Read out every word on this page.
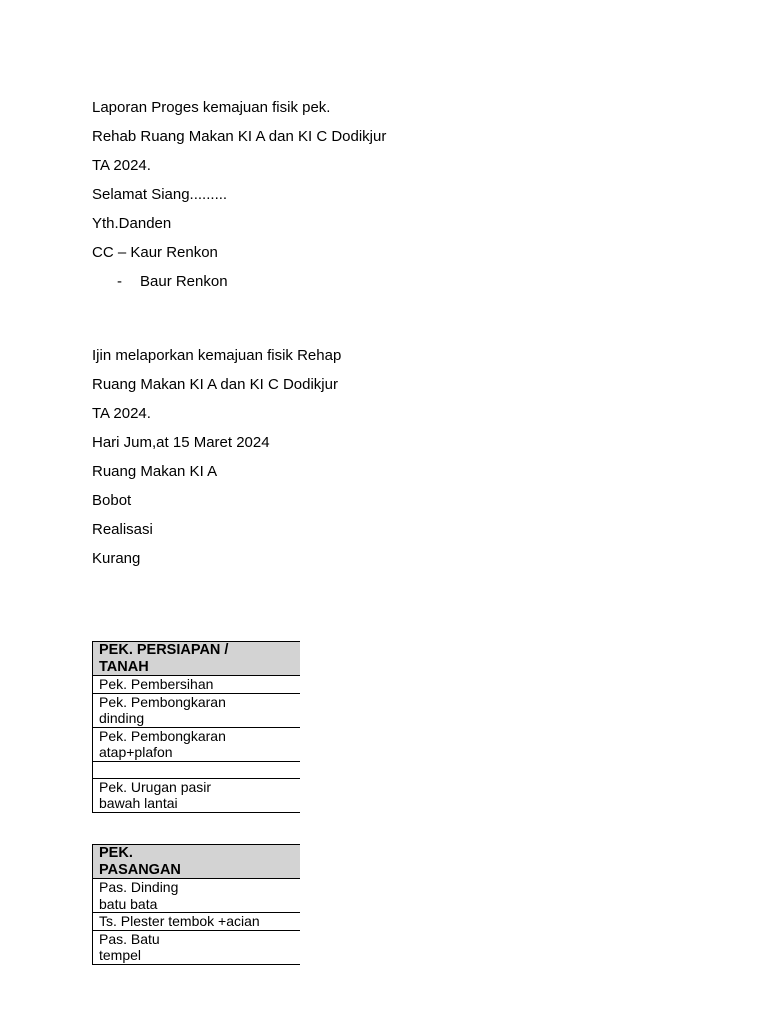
Laporan Proges kemajuan fisik pek.
Rehab Ruang Makan KI A dan KI C Dodikjur
TA 2024.
Selamat Siang.........
Yth.Danden
CC – Kaur Renkon
- Baur Renkon
Ijin melaporkan kemajuan fisik Rehap
Ruang Makan KI A dan KI C Dodikjur
TA 2024.
Hari Jum,at 15 Maret 2024
Ruang Makan KI A
Bobot
Realisasi
Kurang
PEK. PERSIAPAN /
TANAH
Pek. Pembersihan
Pek. Pembongkaran
dinding
Pek. Pembongkaran
atap+plafon

Pek. Urugan pasir
bawah lantai
PEK.
PASANGAN
Pas. Dinding
batu bata
Ts. Plester tembok +acian
Pas. Batu
tempel
